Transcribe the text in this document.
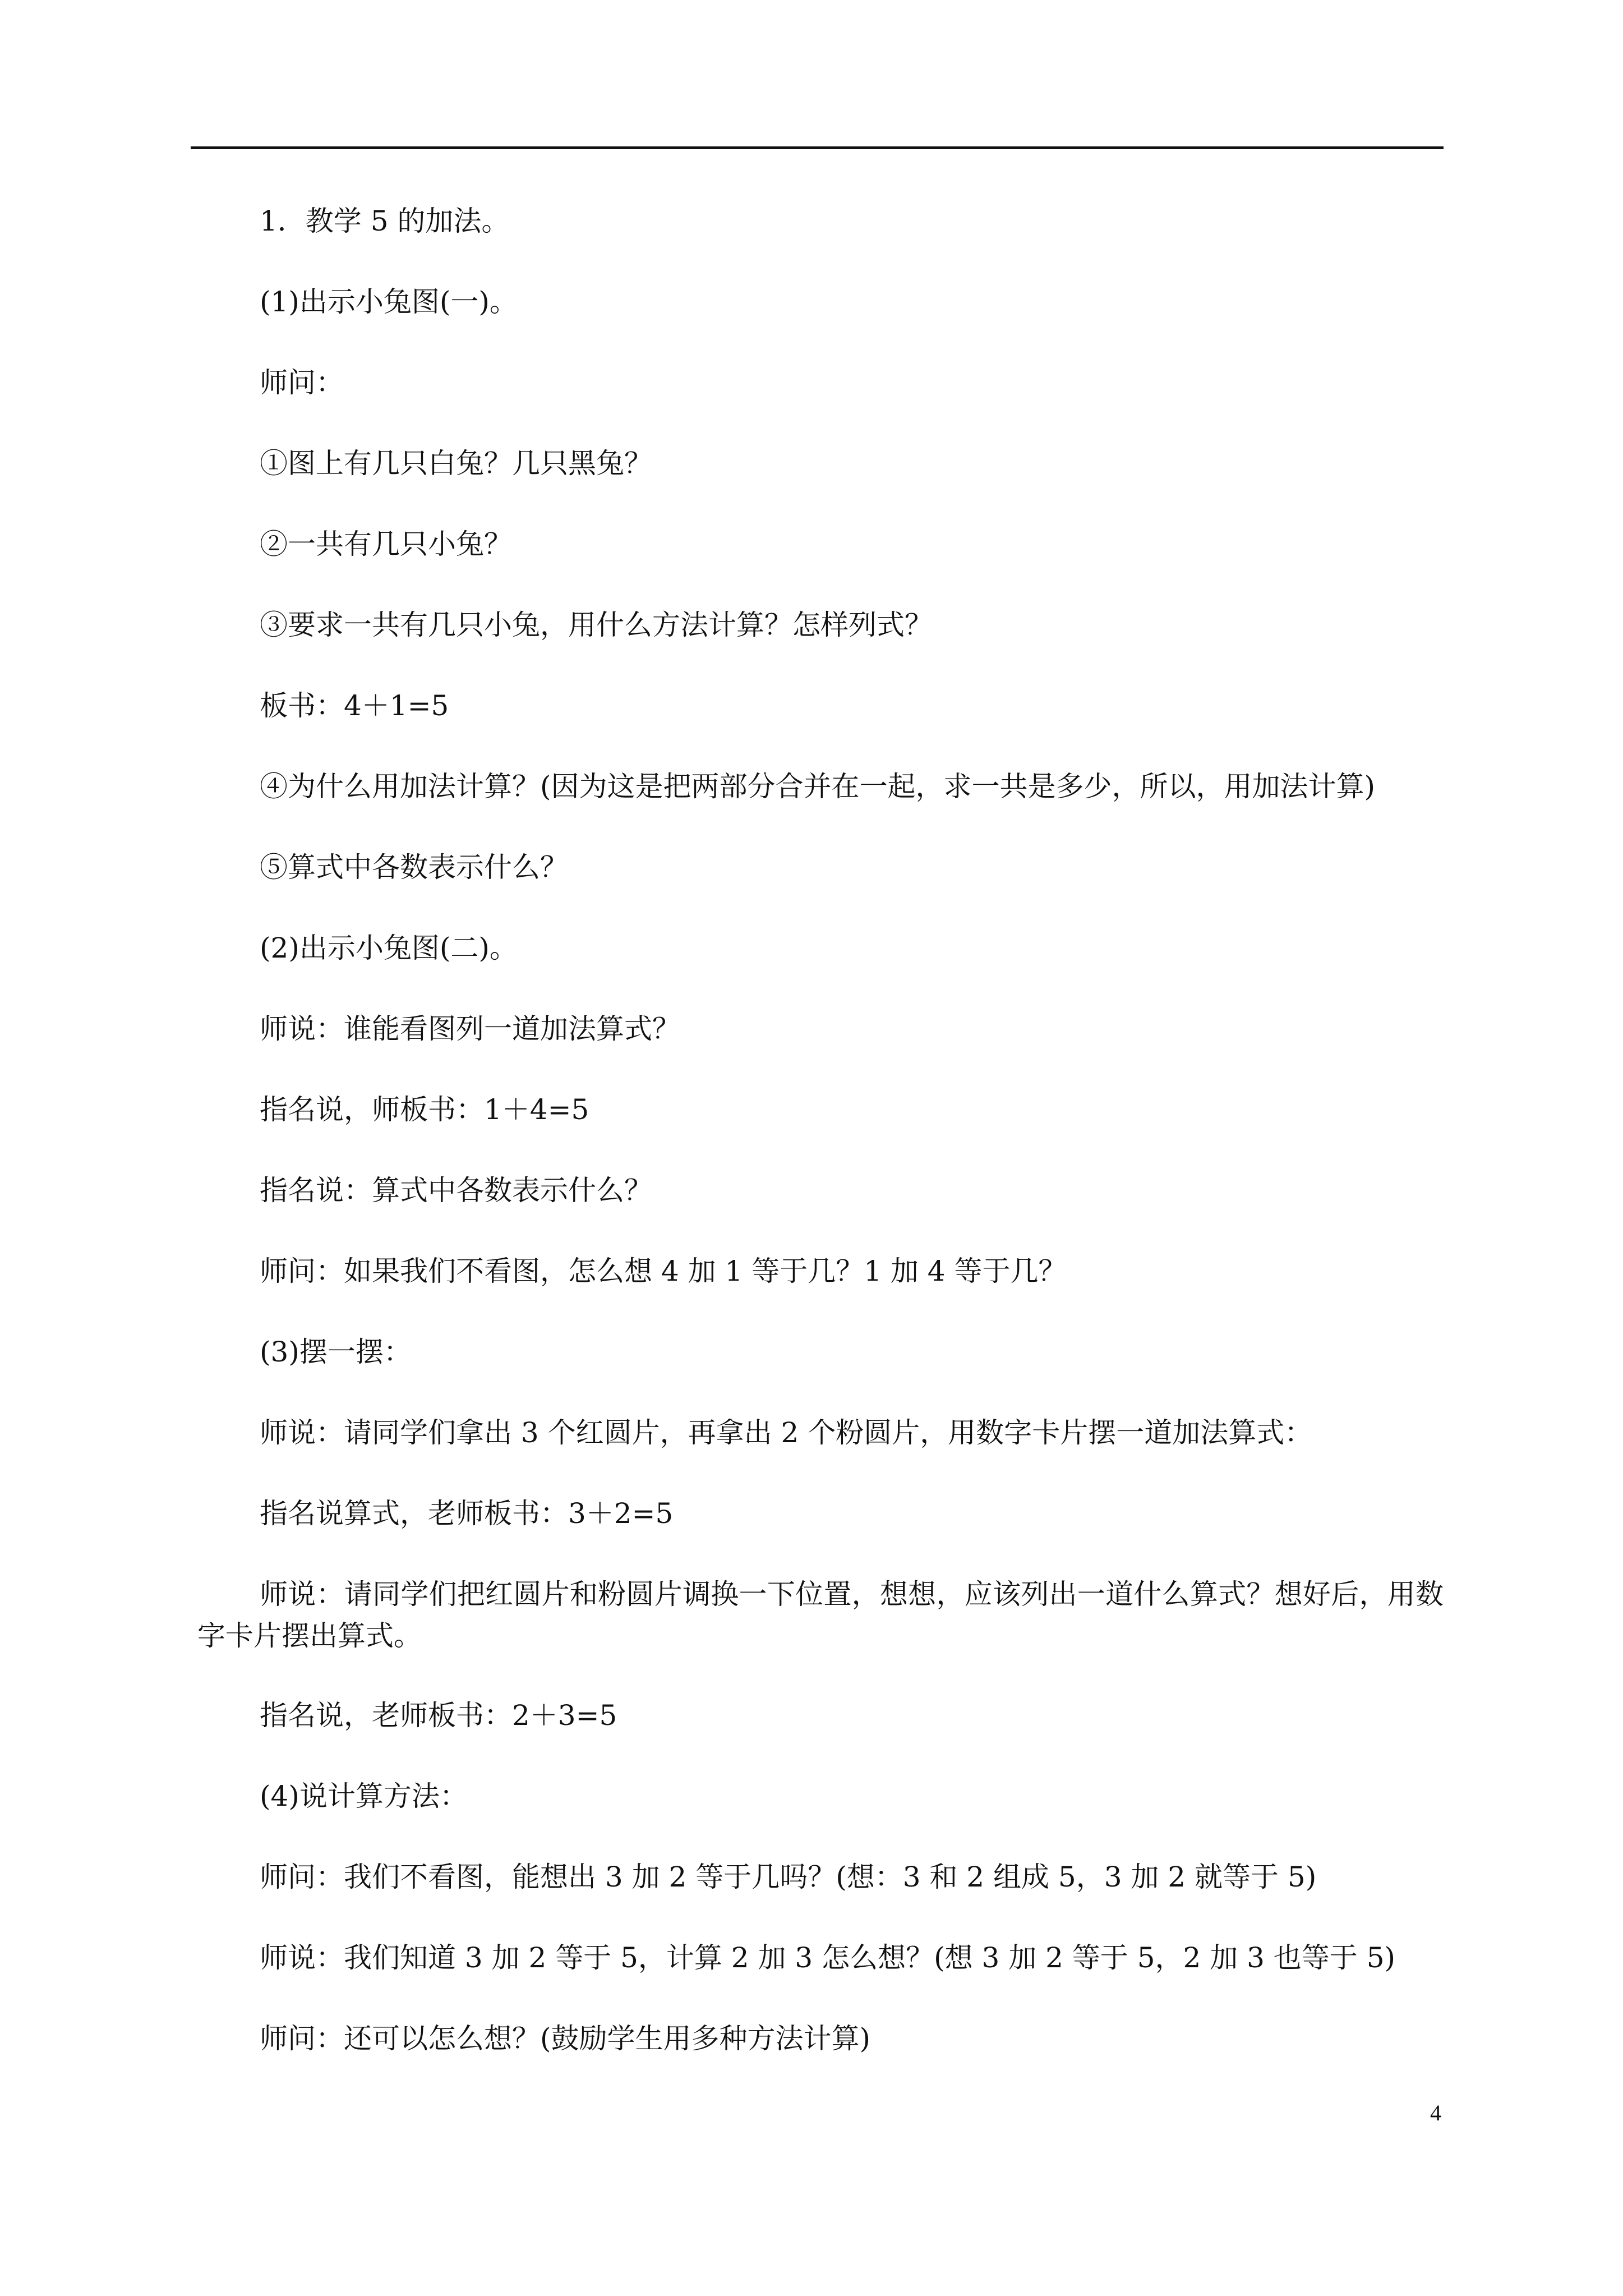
1．教学 5 的加法。
(1)出示小兔图(一)。
师问：
①图上有几只白兔？几只黑兔？
②一共有几只小兔？
③要求一共有几只小兔，用什么方法计算？怎样列式？
板书：4＋1=5
④为什么用加法计算？(因为这是把两部分合并在一起，求一共是多少，所以，用加法计算)
⑤算式中各数表示什么？
(2)出示小兔图(二)。
师说：谁能看图列一道加法算式？
指名说，师板书：1＋4=5
指名说：算式中各数表示什么？
师问：如果我们不看图，怎么想 4 加 1 等于几？1 加 4 等于几？
(3)摆一摆：
师说：请同学们拿出 3 个红圆片，再拿出 2 个粉圆片，用数字卡片摆一道加法算式：
指名说算式，老师板书：3＋2=5
师说：请同学们把红圆片和粉圆片调换一下位置，想想，应该列出一道什么算式？想好后，用数字卡片摆出算式。
指名说，老师板书：2＋3=5
(4)说计算方法：
师问：我们不看图，能想出 3 加 2 等于几吗？(想：3 和 2 组成 5，3 加 2 就等于 5)
师说：我们知道 3 加 2 等于 5，计算 2 加 3 怎么想？(想 3 加 2 等于 5，2 加 3 也等于 5)
师问：还可以怎么想？(鼓励学生用多种方法计算)
4
